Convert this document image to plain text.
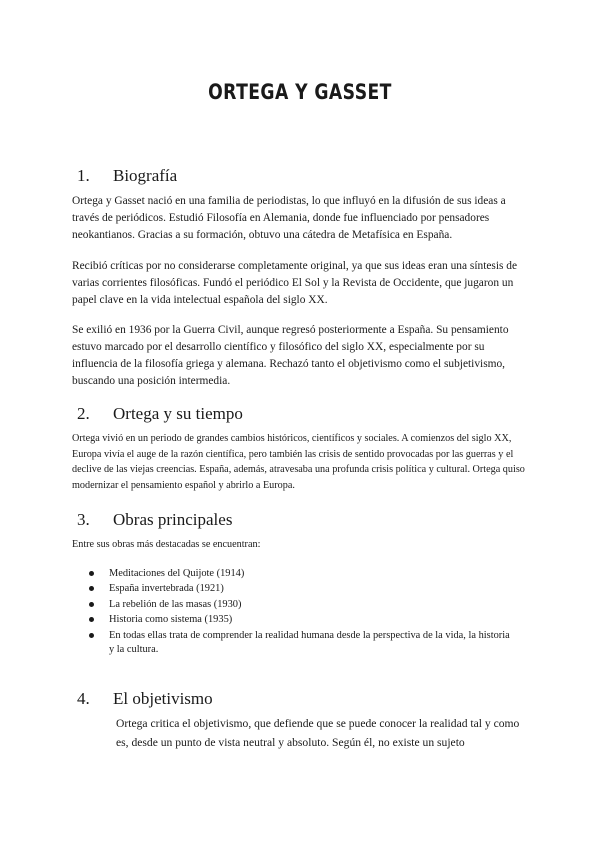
ORTEGA Y GASSET
1. Biografía

Ortega y Gasset nació en una familia de periodistas, lo que influyó en la difusión de sus ideas a través de periódicos. Estudió Filosofía en Alemania, donde fue influenciado por pensadores neokantianos. Gracias a su formación, obtuvo una cátedra de Metafísica en España.

Recibió críticas por no considerarse completamente original, ya que sus ideas eran una síntesis de varias corrientes filosóficas. Fundó el periódico El Sol y la Revista de Occidente, que jugaron un papel clave en la vida intelectual española del siglo XX.

Se exilió en 1936 por la Guerra Civil, aunque regresó posteriormente a España. Su pensamiento estuvo marcado por el desarrollo científico y filosófico del siglo XX, especialmente por su influencia de la filosofía griega y alemana. Rechazó tanto el objetivismo como el subjetivismo, buscando una posición intermedia.

2. Ortega y su tiempo

Ortega vivió en un periodo de grandes cambios históricos, científicos y sociales. A comienzos del siglo XX, Europa vivía el auge de la razón científica, pero también las crisis de sentido provocadas por las guerras y el declive de las viejas creencias. España, además, atravesaba una profunda crisis política y cultural. Ortega quiso modernizar el pensamiento español y abrirlo a Europa.

3. Obras principales

Entre sus obras más destacadas se encuentran:

Meditaciones del Quijote (1914)
España invertebrada (1921)
La rebelión de las masas (1930)
Historia como sistema (1935)
En todas ellas trata de comprender la realidad humana desde la perspectiva de la vida, la historia y la cultura.
4. El objetivismo

Ortega critica el objetivismo, que defiende que se puede conocer la realidad tal y como es, desde un punto de vista neutral y absoluto. Según él, no existe un sujeto
